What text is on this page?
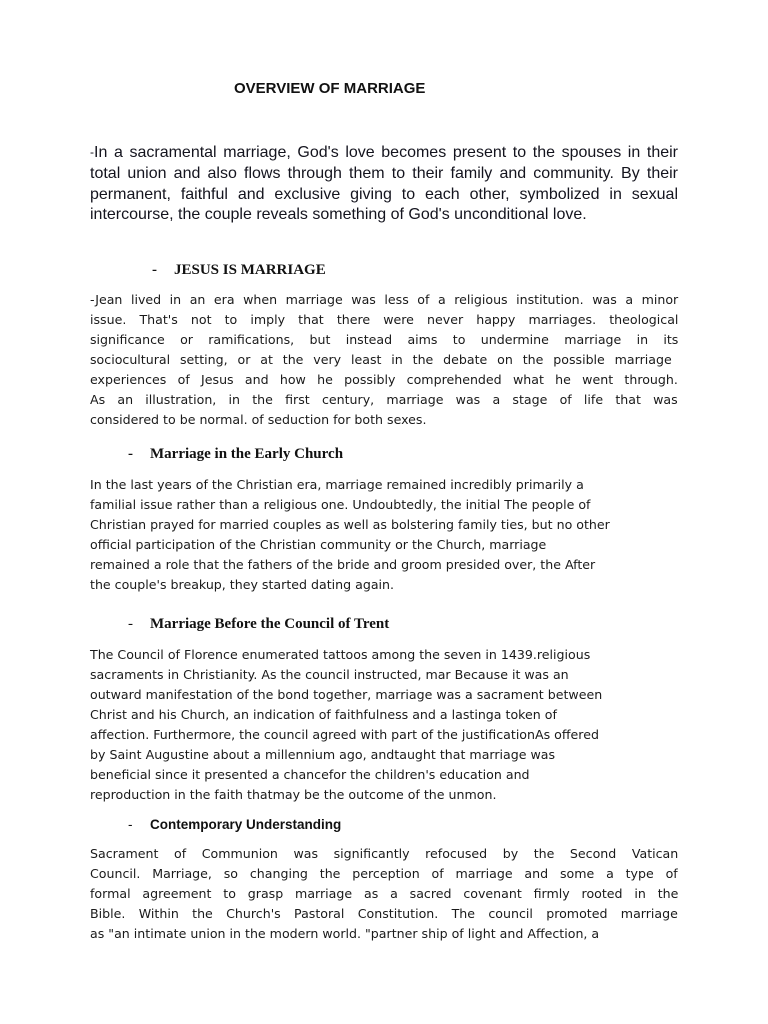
OVERVIEW OF MARRIAGE
-In a sacramental marriage, God's love becomes present to the spouses in their total union and also flows through them to their family and community. By their permanent, faithful and exclusive giving to each other, symbolized in sexual intercourse, the couple reveals something of God's unconditional love.
- JESUS IS MARRIAGE
-Jean lived in an era when marriage was less of a religious institution. was a minor
issue. That's not to imply that there were never happy marriages. theological
significance or ramifications, but instead aims to undermine marriage in its
sociocultural setting, or at the very least in the debate on the possible marriage
experiences of Jesus and how he possibly comprehended what he went through.
As an illustration, in the first century, marriage was a stage of life that was
considered to be normal. of seduction for both sexes.
- Marriage in the Early Church
In the last years of the Christian era, marriage remained incredibly primarily a
familial issue rather than a religious one. Undoubtedly, the initial The people of
Christian prayed for married couples as well as bolstering family ties, but no other
official participation of the Christian community or the Church, marriage
remained a role that the fathers of the bride and groom presided over, the After
the couple's breakup, they started dating again.
- Marriage Before the Council of Trent
The Council of Florence enumerated tattoos among the seven in 1439.religious
sacraments in Christianity. As the council instructed, mar Because it was an
outward manifestation of the bond together, marriage was a sacrament between
Christ and his Church, an indication of faithfulness and a lastinga token of
affection. Furthermore, the council agreed with part of the justificationAs offered
by Saint Augustine about a millennium ago, andtaught that marriage was
beneficial since it presented a chancefor the children's education and
reproduction in the faith thatmay be the outcome of the unmon.
- Contemporary Understanding
Sacrament of Communion was significantly refocused by the Second Vatican
Council. Marriage, so changing the perception of marriage and some a type of
formal agreement to grasp marriage as a sacred covenant firmly rooted in the
Bible. Within the Church's Pastoral Constitution. The council promoted marriage
as "an intimate union in the modern world. "partner ship of light and Affection, a
